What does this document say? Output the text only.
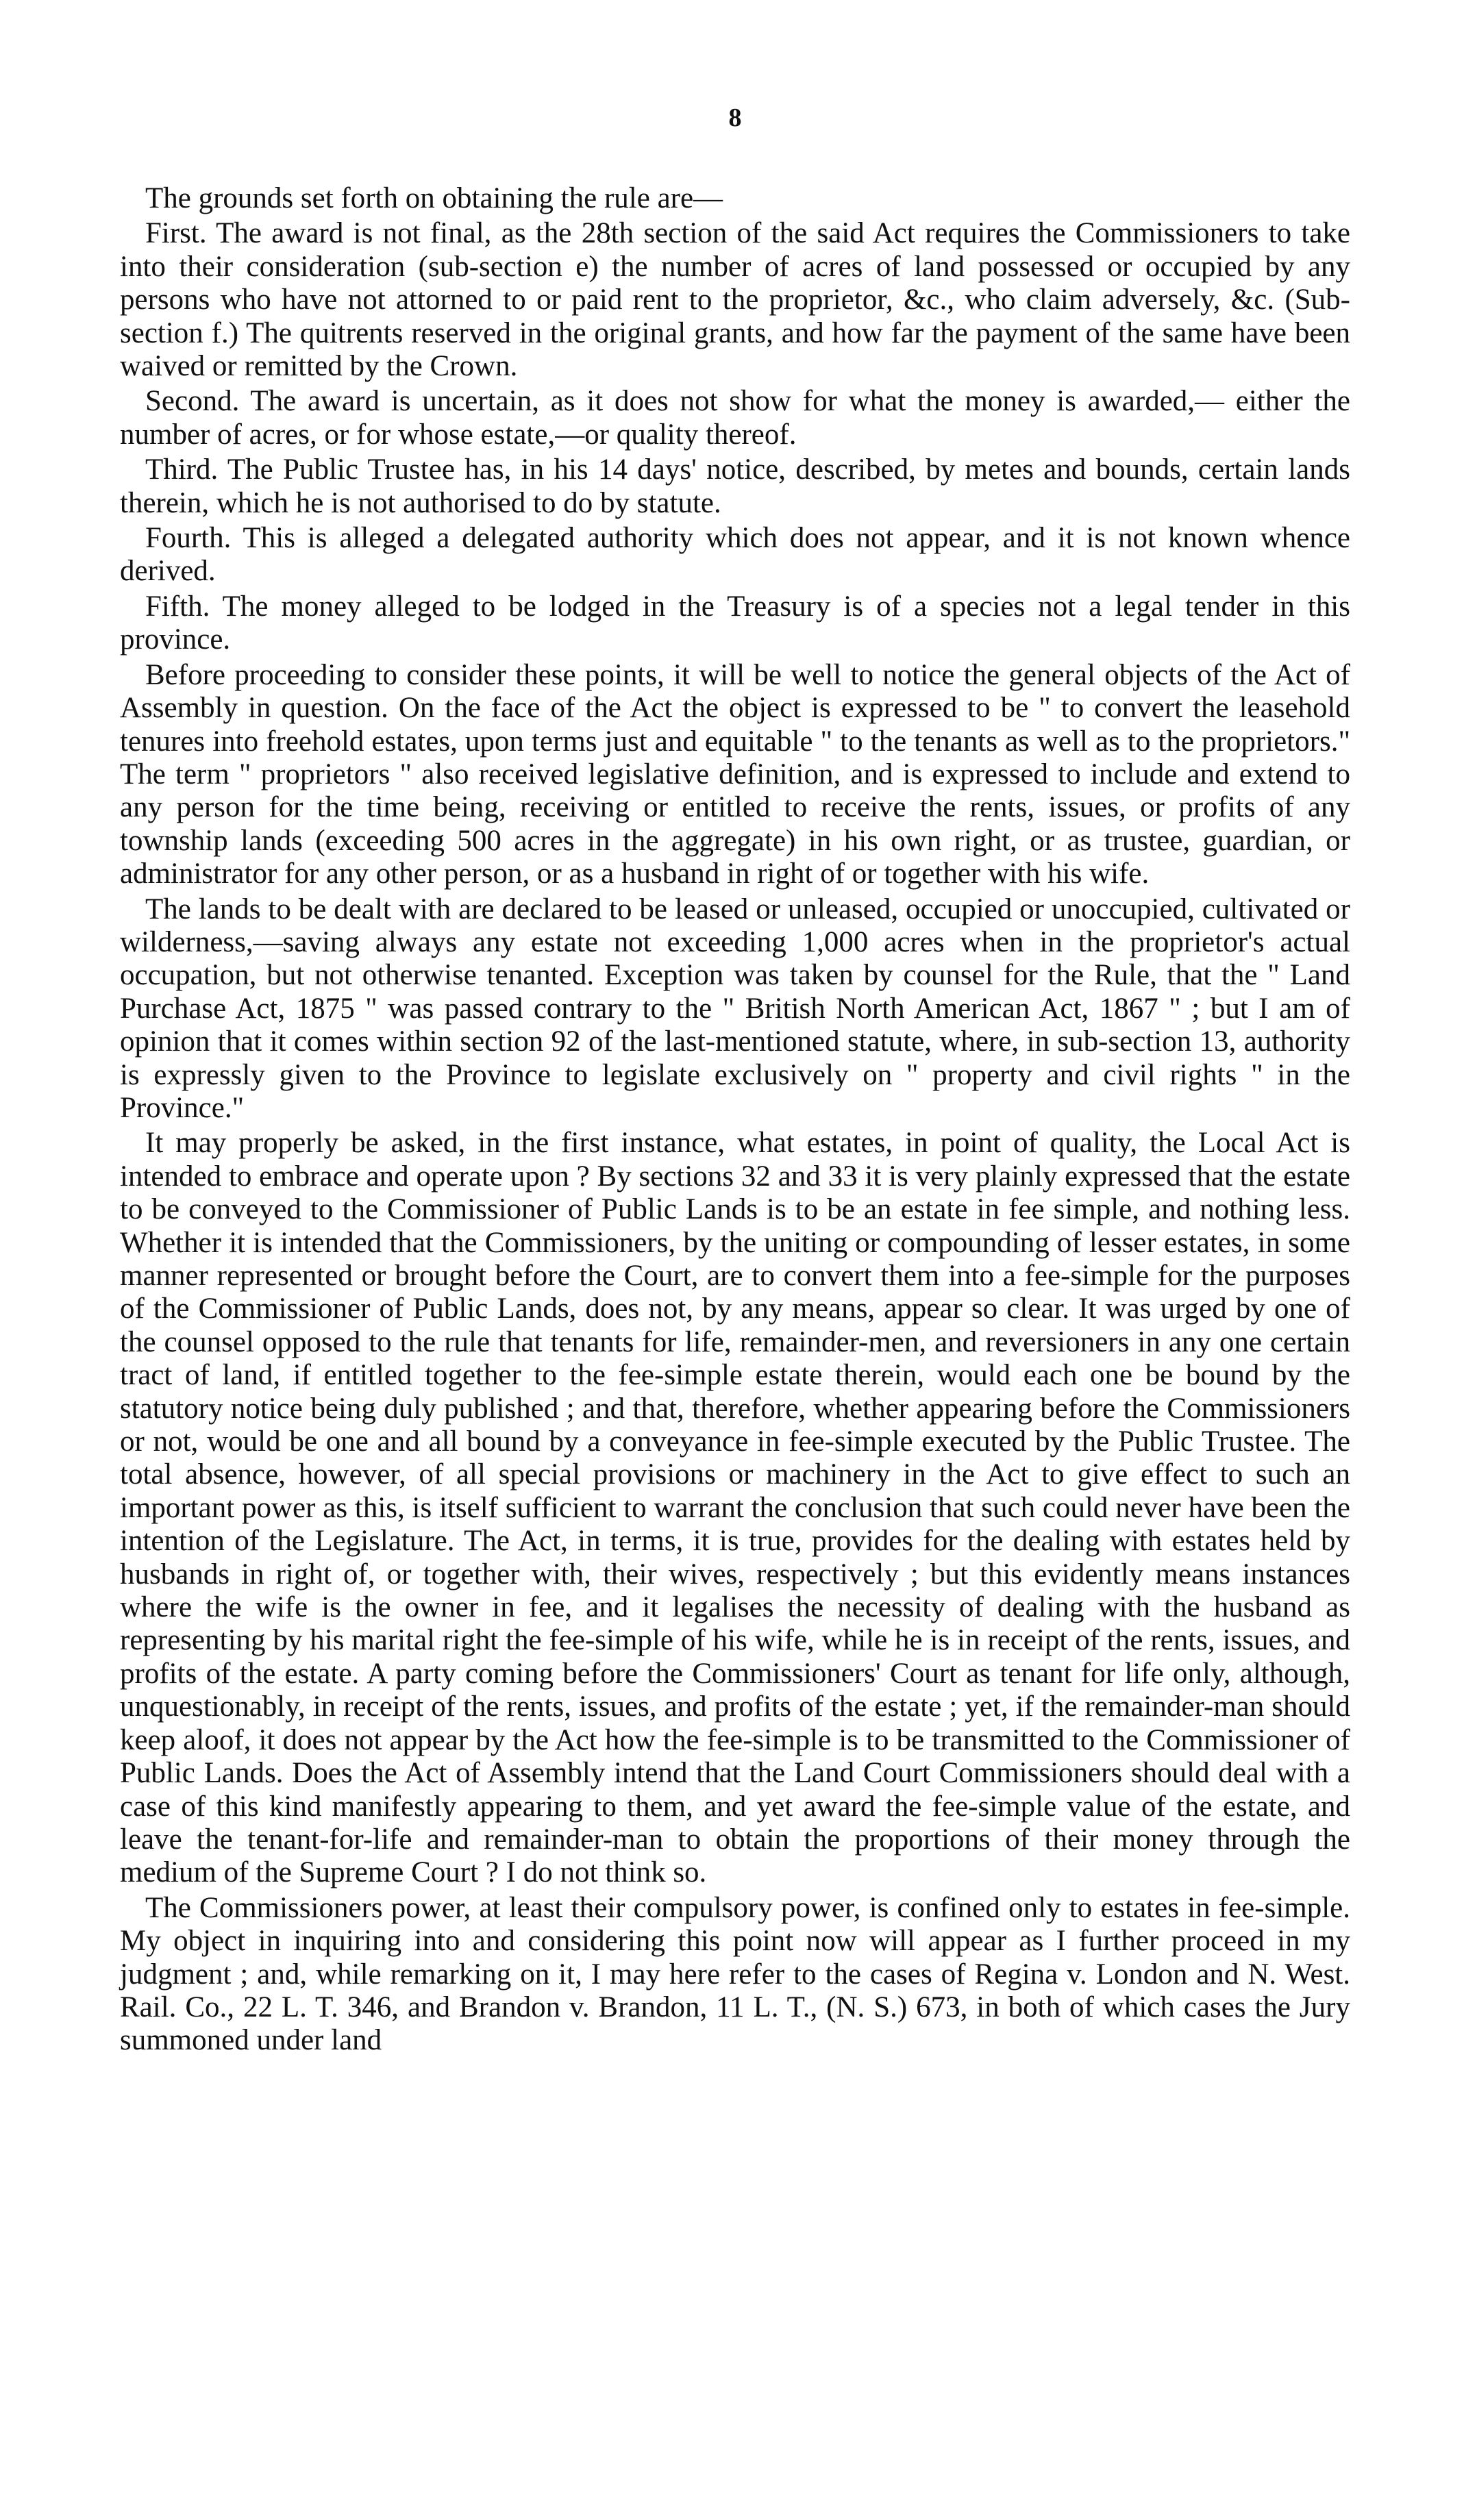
8

The grounds set forth on obtaining the rule are—

First. The award is not final, as the 28th section of the said Act requires the Commissioners to take into their consideration (sub-section e) the number of acres of land possessed or occupied by any persons who have not attorned to or paid rent to the proprietor, &c., who claim adversely, &c. (Sub-section f.) The quitrents reserved in the original grants, and how far the payment of the same have been waived or remitted by the Crown.

Second. The award is uncertain, as it does not show for what the money is awarded,— either the number of acres, or for whose estate,—or quality thereof.

Third. The Public Trustee has, in his 14 days' notice, described, by metes and bounds, certain lands therein, which he is not authorised to do by statute.

Fourth. This is alleged a delegated authority which does not appear, and it is not known whence derived.

Fifth. The money alleged to be lodged in the Treasury is of a species not a legal tender in this province.

Before proceeding to consider these points, it will be well to notice the general objects of the Act of Assembly in question. On the face of the Act the object is expressed to be " to convert the leasehold tenures into freehold estates, upon terms just and equitable " to the tenants as well as to the proprietors." The term " proprietors " also received legislative definition, and is expressed to include and extend to any person for the time being, receiving or entitled to receive the rents, issues, or profits of any township lands (exceeding 500 acres in the aggregate) in his own right, or as trustee, guardian, or administrator for any other person, or as a husband in right of or together with his wife.

The lands to be dealt with are declared to be leased or unleased, occupied or unoccupied, cultivated or wilderness,—saving always any estate not exceeding 1,000 acres when in the proprietor's actual occupation, but not otherwise tenanted. Exception was taken by counsel for the Rule, that the " Land Purchase Act, 1875 " was passed contrary to the " British North American Act, 1867 " ; but I am of opinion that it comes within section 92 of the last-mentioned statute, where, in sub-section 13, authority is expressly given to the Province to legislate exclusively on " property and civil rights " in the Province."

It may properly be asked, in the first instance, what estates, in point of quality, the Local Act is intended to embrace and operate upon ? By sections 32 and 33 it is very plainly expressed that the estate to be conveyed to the Commissioner of Public Lands is to be an estate in fee simple, and nothing less. Whether it is intended that the Commissioners, by the uniting or compounding of lesser estates, in some manner represented or brought before the Court, are to convert them into a fee-simple for the purposes of the Commissioner of Public Lands, does not, by any means, appear so clear. It was urged by one of the counsel opposed to the rule that tenants for life, remainder-men, and reversioners in any one certain tract of land, if entitled together to the fee-simple estate therein, would each one be bound by the statutory notice being duly published ; and that, therefore, whether appearing before the Commissioners or not, would be one and all bound by a conveyance in fee-simple executed by the Public Trustee. The total absence, however, of all special provisions or machinery in the Act to give effect to such an important power as this, is itself sufficient to warrant the conclusion that such could never have been the intention of the Legislature. The Act, in terms, it is true, provides for the dealing with estates held by husbands in right of, or together with, their wives, respectively ; but this evidently means instances where the wife is the owner in fee, and it legalises the necessity of dealing with the husband as representing by his marital right the fee-simple of his wife, while he is in receipt of the rents, issues, and profits of the estate. A party coming before the Commissioners' Court as tenant for life only, although, unquestionably, in receipt of the rents, issues, and profits of the estate ; yet, if the remainder-man should keep aloof, it does not appear by the Act how the fee-simple is to be transmitted to the Commissioner of Public Lands. Does the Act of Assembly intend that the Land Court Commissioners should deal with a case of this kind manifestly appearing to them, and yet award the fee-simple value of the estate, and leave the tenant-for-life and remainder-man to obtain the proportions of their money through the medium of the Supreme Court ? I do not think so.

The Commissioners power, at least their compulsory power, is confined only to estates in fee-simple. My object in inquiring into and considering this point now will appear as I further proceed in my judgment ; and, while remarking on it, I may here refer to the cases of Regina v. London and N. West. Rail. Co., 22 L. T. 346, and Brandon v. Brandon, 11 L. T., (N. S.) 673, in both of which cases the Jury summoned under land
